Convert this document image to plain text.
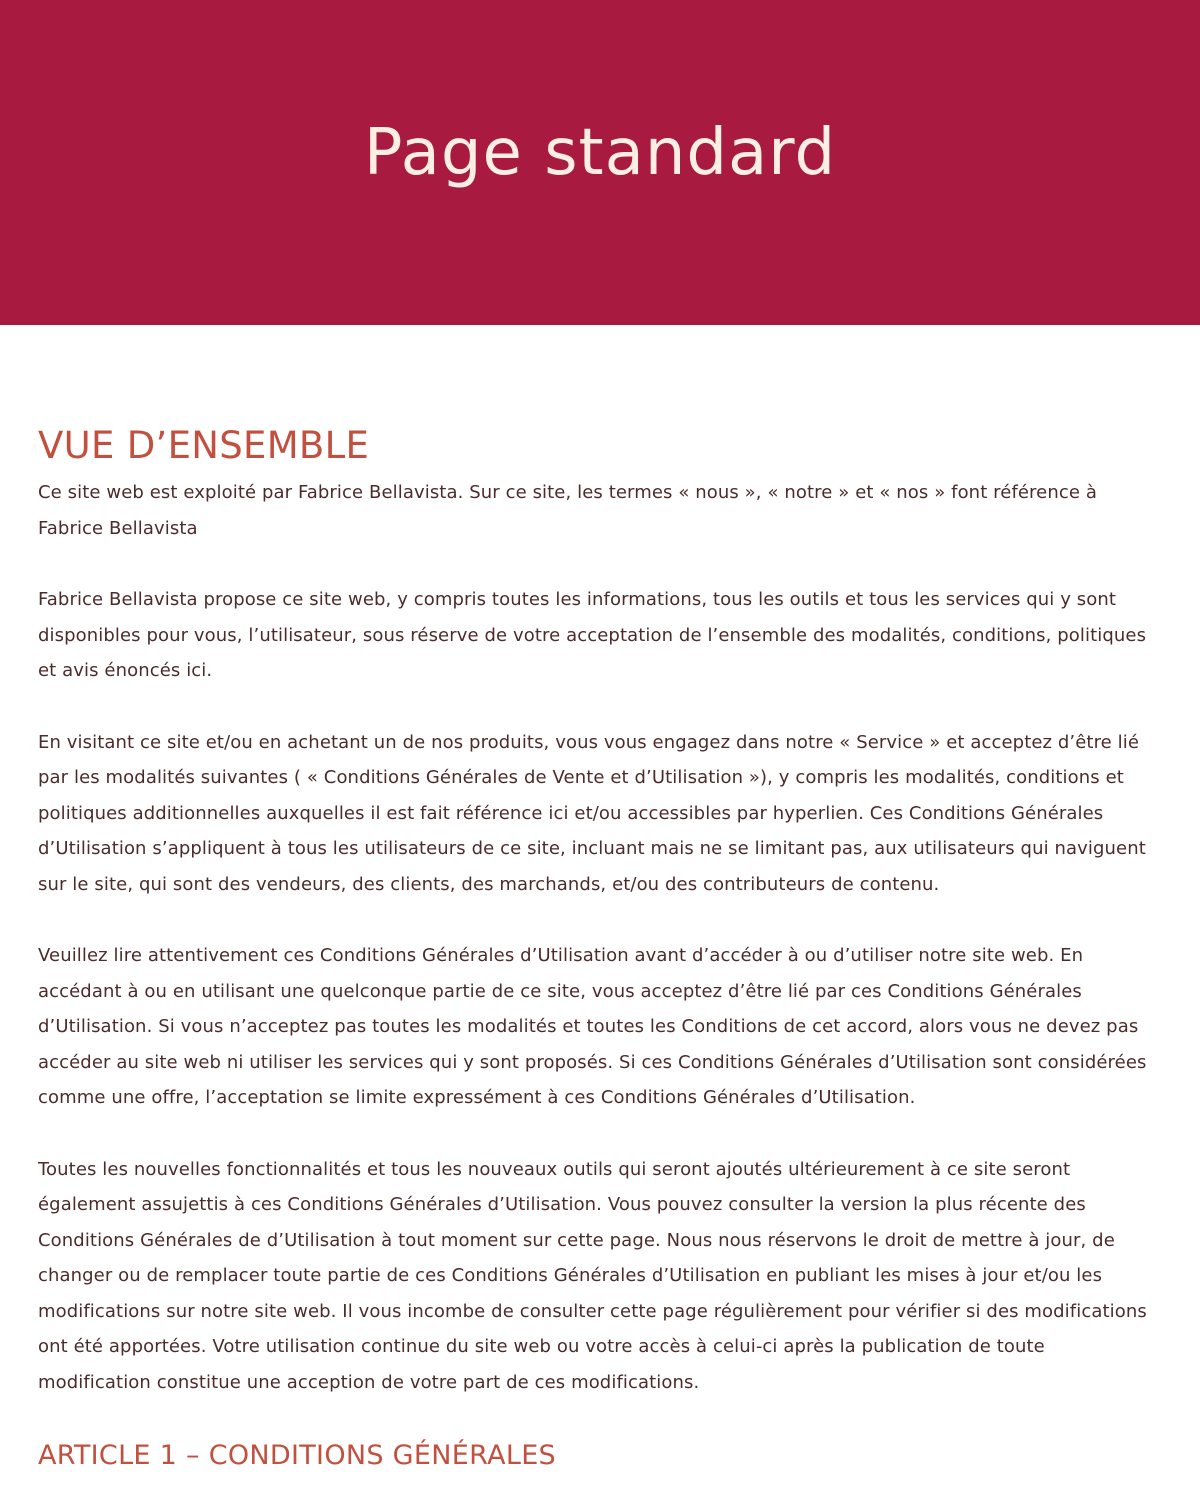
Page standard
VUE D’ENSEMBLE

Ce site web est exploité par Fabrice Bellavista. Sur ce site, les termes « nous », « notre » et « nos » font référence à Fabrice Bellavista

Fabrice Bellavista propose ce site web, y compris toutes les informations, tous les outils et tous les services qui y sont disponibles pour vous, l’utilisateur, sous réserve de votre acceptation de l’ensemble des modalités, conditions, politiques et avis énoncés ici.

En visitant ce site et/ou en achetant un de nos produits, vous vous engagez dans notre « Service » et acceptez d’être lié par les modalités suivantes ( « Conditions Générales de Vente et d’Utilisation »), y compris les modalités, conditions et politiques additionnelles auxquelles il est fait référence ici et/ou accessibles par hyperlien. Ces Conditions Générales d’Utilisation s’appliquent à tous les utilisateurs de ce site, incluant mais ne se limitant pas, aux utilisateurs qui naviguent sur le site, qui sont des vendeurs, des clients, des marchands, et/ou des contributeurs de contenu.

Veuillez lire attentivement ces Conditions Générales d’Utilisation avant d’accéder à ou d’utiliser notre site web. En accédant à ou en utilisant une quelconque partie de ce site, vous acceptez d’être lié par ces Conditions Générales d’Utilisation. Si vous n’acceptez pas toutes les modalités et toutes les Conditions de cet accord, alors vous ne devez pas accéder au site web ni utiliser les services qui y sont proposés. Si ces Conditions Générales d’Utilisation sont considérées comme une offre, l’acceptation se limite expressément à ces Conditions Générales d’Utilisation.

Toutes les nouvelles fonctionnalités et tous les nouveaux outils qui seront ajoutés ultérieurement à ce site seront également assujettis à ces Conditions Générales d’Utilisation. Vous pouvez consulter la version la plus récente des Conditions Générales de d’Utilisation à tout moment sur cette page. Nous nous réservons le droit de mettre à jour, de changer ou de remplacer toute partie de ces Conditions Générales d’Utilisation en publiant les mises à jour et/ou les modifications sur notre site web. Il vous incombe de consulter cette page régulièrement pour vérifier si des modifications ont été apportées. Votre utilisation continue du site web ou votre accès à celui-ci après la publication de toute modification constitue une acception de votre part de ces modifications.

ARTICLE 1 – CONDITIONS GÉNÉRALES
